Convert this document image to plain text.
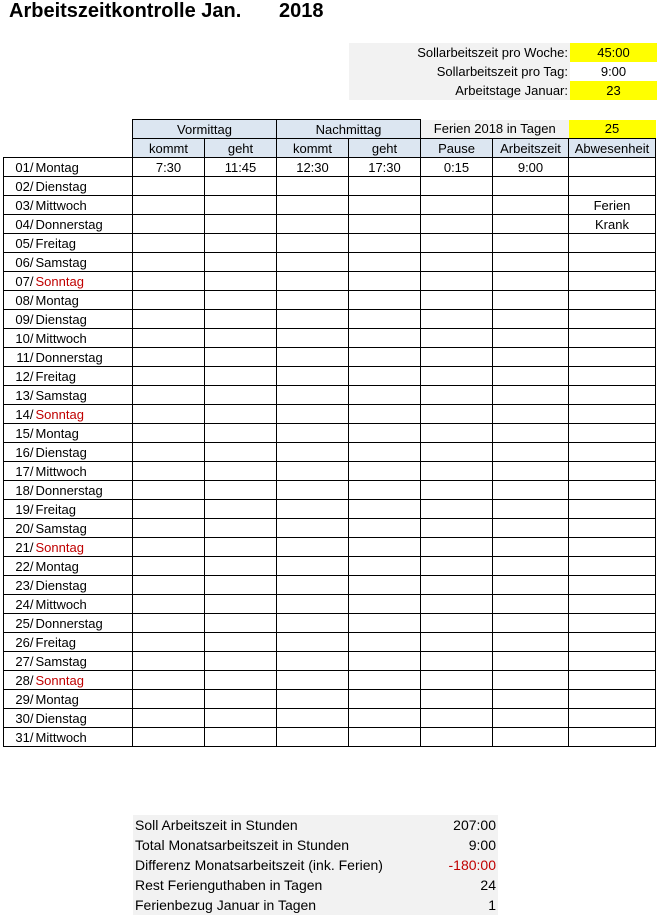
Arbeitszeitkontrolle Jan. 2018
Sollarbeitszeit pro Woche:	45:00
Sollarbeitszeit pro Tag:	9:00
Arbeitstage Januar:	23
		Vormittag		Nachmittag		Ferien 2018 in Tagen		25
		kommt	geht	kommt	geht	Pause	Arbeitszeit	Abwesenheit
01/	Montag	7:30	11:45	12:30	17:30	0:15	9:00	
02/	Dienstag							
03/	Mittwoch							Ferien
04/	Donnerstag							Krank
05/	Freitag							
06/	Samstag							
07/	Sonntag							
08/	Montag							
09/	Dienstag							
10/	Mittwoch							
11/	Donnerstag							
12/	Freitag							
13/	Samstag							
14/	Sonntag							
15/	Montag							
16/	Dienstag							
17/	Mittwoch							
18/	Donnerstag							
19/	Freitag							
20/	Samstag							
21/	Sonntag							
22/	Montag							
23/	Dienstag							
24/	Mittwoch							
25/	Donnerstag							
26/	Freitag							
27/	Samstag							
28/	Sonntag							
29/	Montag							
30/	Dienstag							
31/	Mittwoch							
Soll Arbeitszeit in Stunden	207:00
Total Monatsarbeitszeit in Stunden	9:00
Differenz Monatsarbeitszeit (ink. Ferien)	-180:00
Rest Ferienguthaben in Tagen	24
Ferienbezug Januar in Tagen	1
